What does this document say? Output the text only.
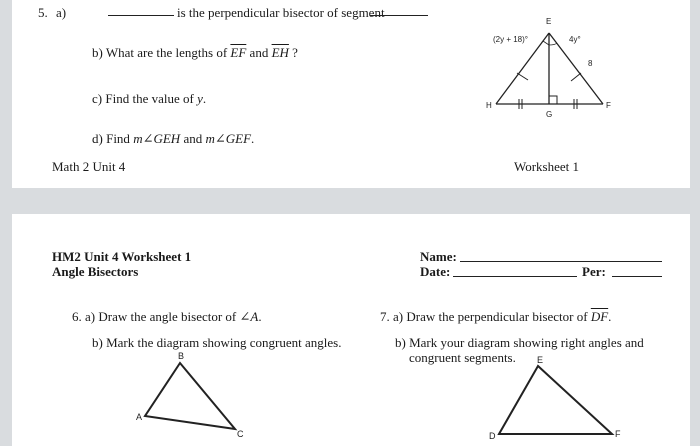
5. a)	is the perpendicular bisector of segment
b) What are the lengths of $\overline{EF}$ and $\overline{EH}$ ?
c) Find the value of y.
d) Find m∠GEH and m∠GEF.
Math 2 Unit 4	Worksheet 1
E
H
G
F
(2y + 18)°	4y°
8
HM2 Unit 4 Worksheet 1
Angle Bisectors
Name:
Date:	Per:
6. a) Draw the angle bisector of ∠A.
b) Mark the diagram showing congruent angles.
7. a) Draw the perpendicular bisector of $\overline{DF}$.
b) Mark your diagram showing right angles and
congruent segments.
B
A
C
E
D	F
